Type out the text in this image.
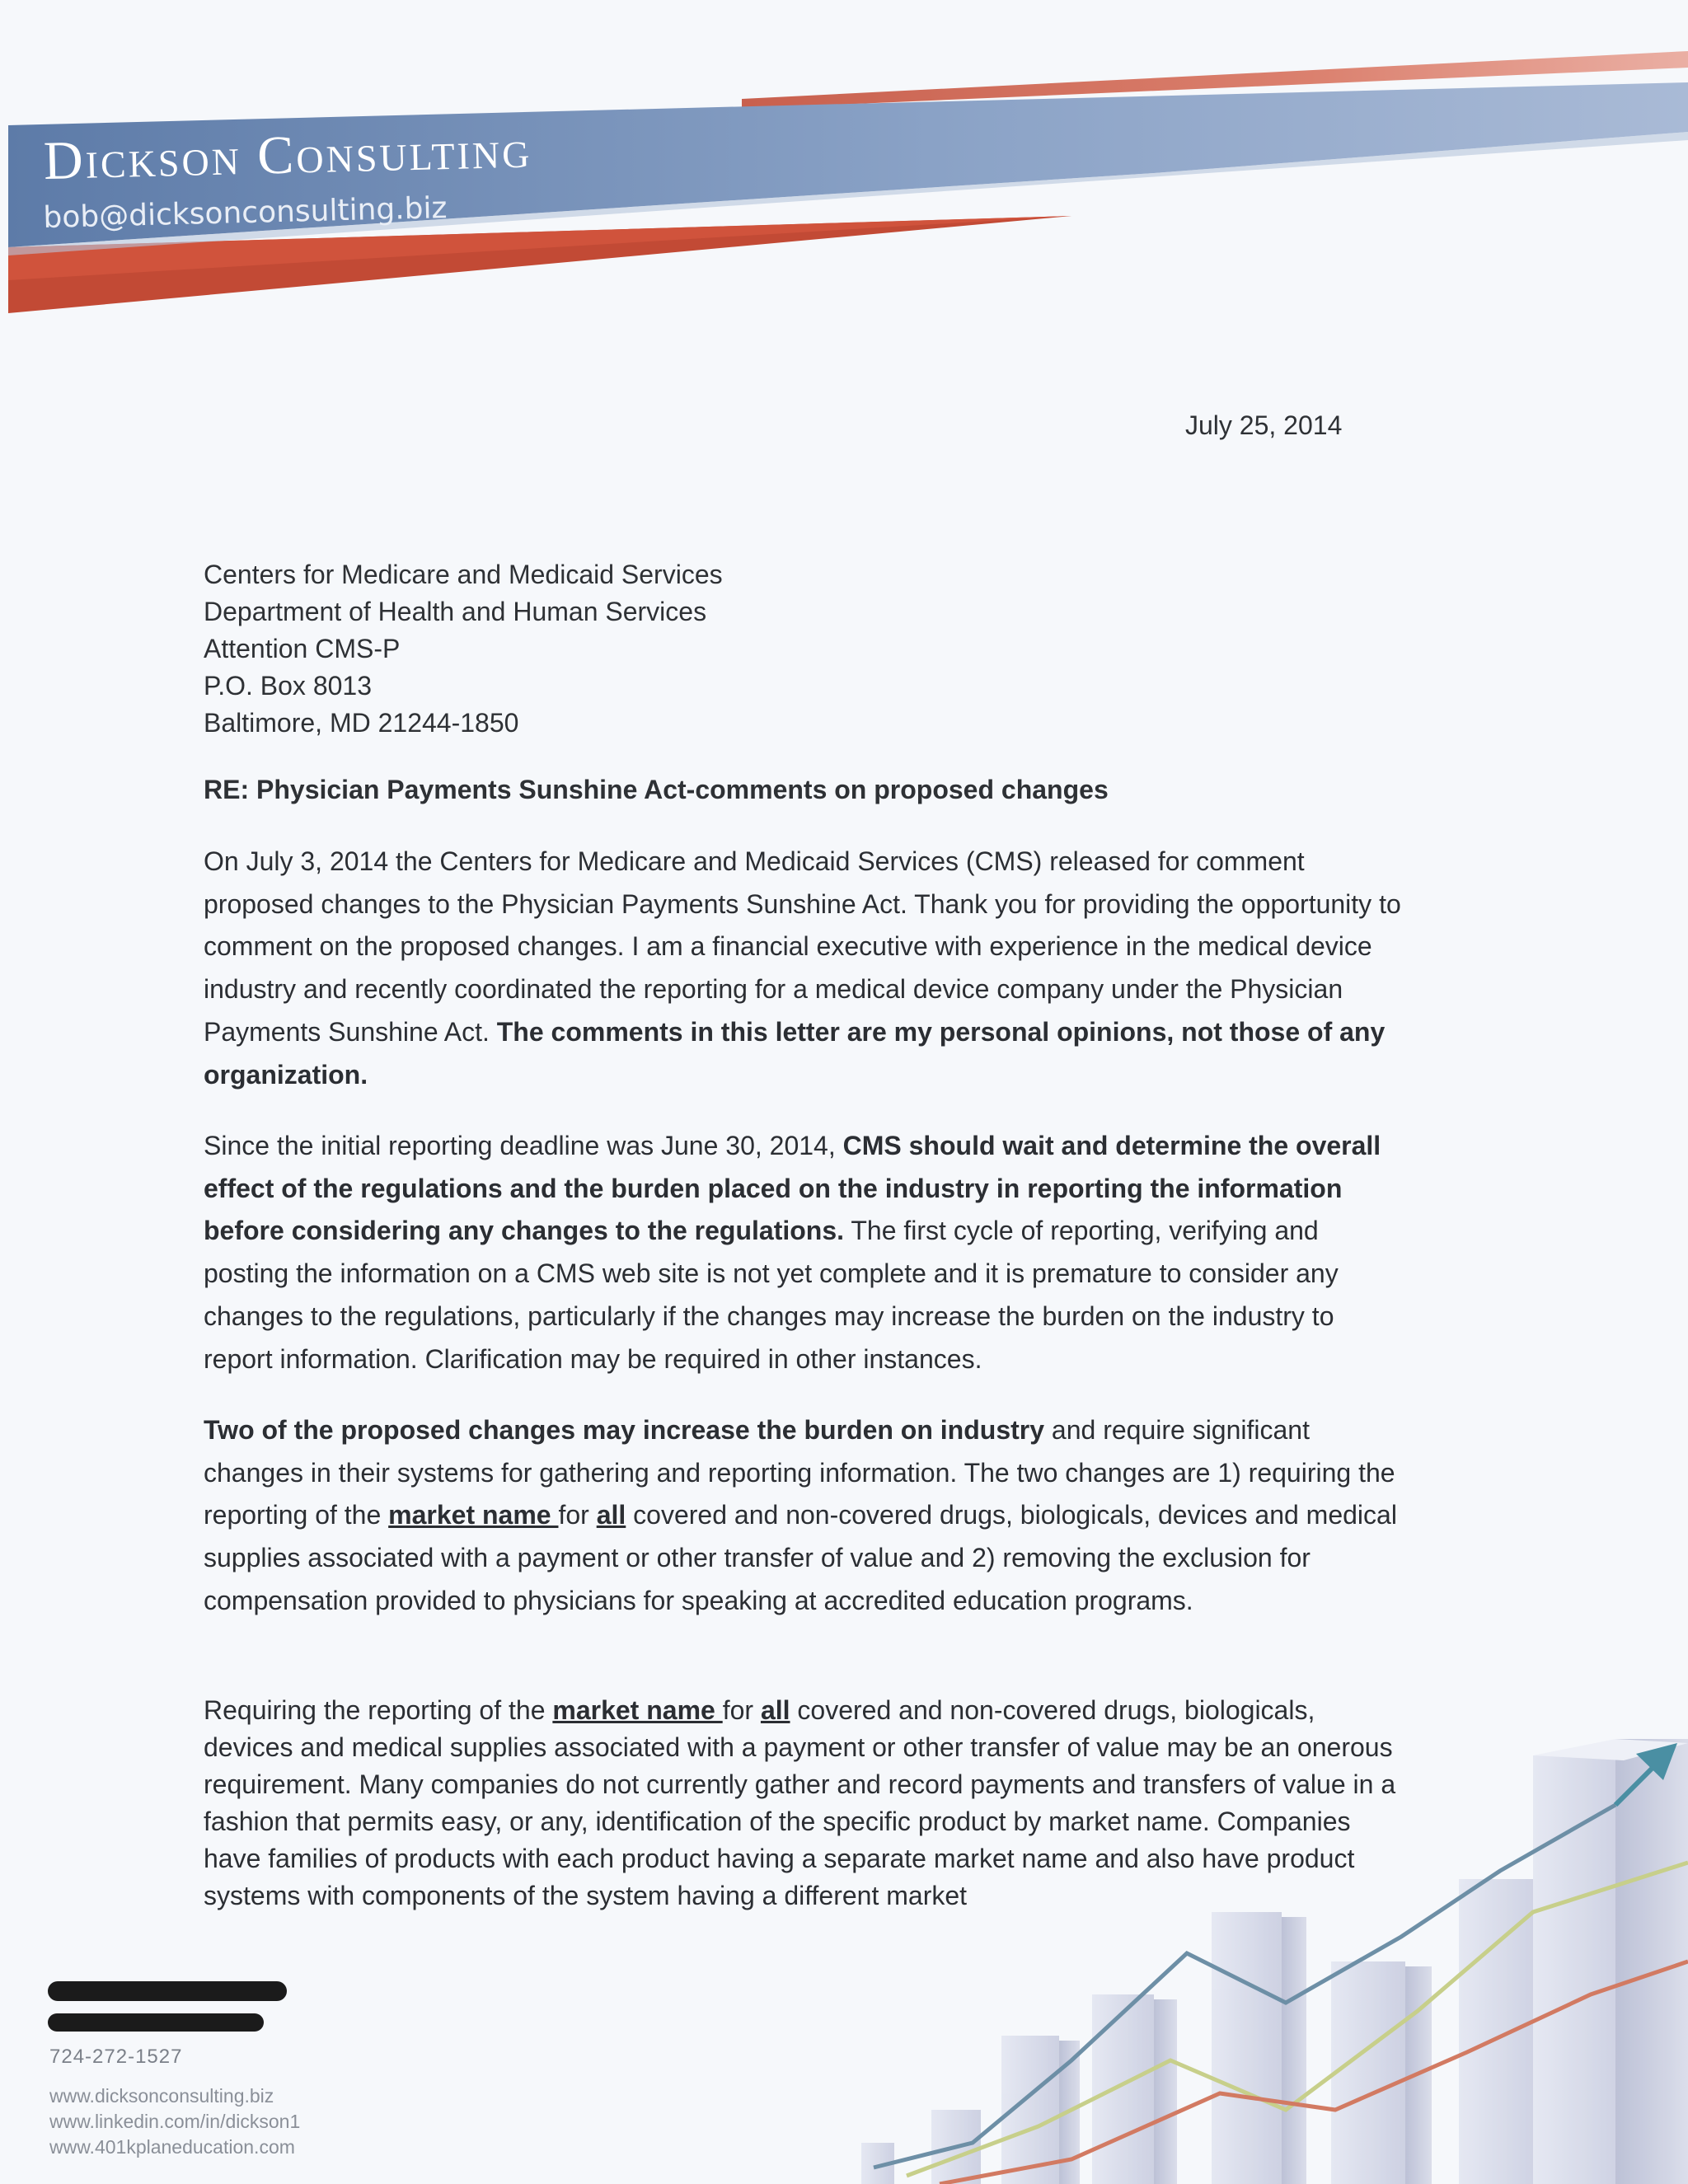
Dickson Consulting
bob@dicksonconsulting.biz
July 25, 2014
Centers for Medicare and Medicaid Services
Department of Health and Human Services
Attention CMS-P
P.O. Box 8013
Baltimore, MD 21244-1850
RE: Physician Payments Sunshine Act-comments on proposed changes
On July 3, 2014 the Centers for Medicare and Medicaid Services (CMS) released for comment proposed changes to the Physician Payments Sunshine Act. Thank you for providing the opportunity to comment on the proposed changes. I am a financial executive with experience in the medical device industry and recently coordinated the reporting for a medical device company under the Physician Payments Sunshine Act. The comments in this letter are my personal opinions, not those of any organization.
Since the initial reporting deadline was June 30, 2014, CMS should wait and determine the overall effect of the regulations and the burden placed on the industry in reporting the information before considering any changes to the regulations. The first cycle of reporting, verifying and posting the information on a CMS web site is not yet complete and it is premature to consider any changes to the regulations, particularly if the changes may increase the burden on the industry to report information. Clarification may be required in other instances.
Two of the proposed changes may increase the burden on industry and require significant changes in their systems for gathering and reporting information. The two changes are 1) requiring the reporting of the market name for all covered and non-covered drugs, biologicals, devices and medical supplies associated with a payment or other transfer of value and 2) removing the exclusion for compensation provided to physicians for speaking at accredited education programs.
Requiring the reporting of the market name for all covered and non-covered drugs, biologicals, devices and medical supplies associated with a payment or other transfer of value may be an onerous requirement. Many companies do not currently gather and record payments and transfers of value in a fashion that permits easy, or any, identification of the specific product by market name. Companies have families of products with each product having a separate market name and also have product systems with components of the system having a different market
724-272-1527
www.dicksonconsulting.biz
www.linkedin.com/in/dickson1
www.401kplaneducation.com
